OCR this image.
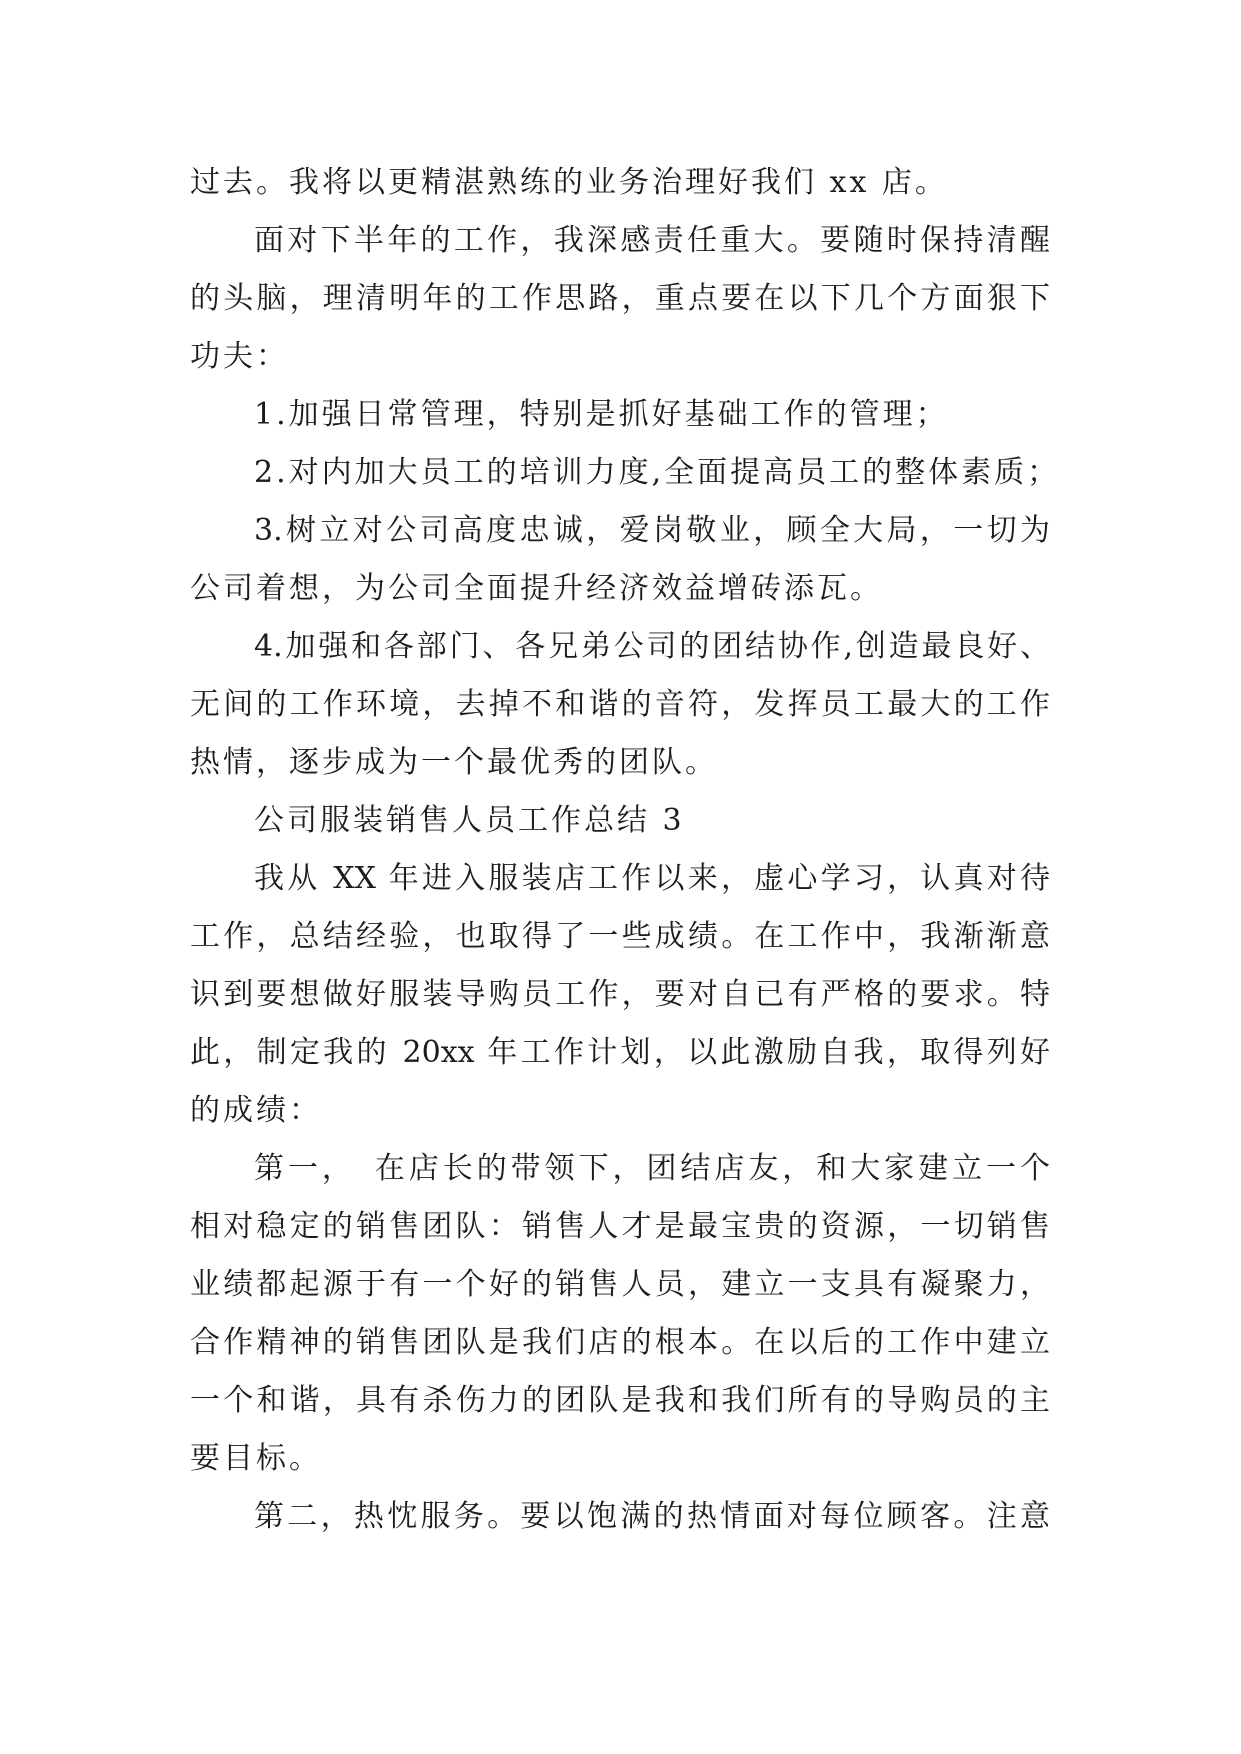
过去。我将以更精湛熟练的业务治理好我们 xx 店。
面对下半年的工作，我深感责任重大。要随时保持清醒
的头脑，理清明年的工作思路，重点要在以下几个方面狠下
功夫：
1.加强日常管理，特别是抓好基础工作的管理；
2.对内加大员工的培训力度,全面提高员工的整体素质；
3.树立对公司高度忠诚，爱岗敬业，顾全大局，一切为
公司着想，为公司全面提升经济效益增砖添瓦。
4.加强和各部门、各兄弟公司的团结协作,创造最良好、
无间的工作环境，去掉不和谐的音符，发挥员工最大的工作
热情，逐步成为一个最优秀的团队。
公司服装销售人员工作总结 3
我从 XX 年进入服装店工作以来，虚心学习，认真对待
工作，总结经验，也取得了一些成绩。在工作中，我渐渐意
识到要想做好服装导购员工作，要对自已有严格的要求。特
此，制定我的 20xx 年工作计划，以此激励自我，取得列好
的成绩：
第一，　在店长的带领下，团结店友，和大家建立一个
相对稳定的销售团队：销售人才是最宝贵的资源，一切销售
业绩都起源于有一个好的销售人员，建立一支具有凝聚力，
合作精神的销售团队是我们店的根本。在以后的工作中建立
一个和谐，具有杀伤力的团队是我和我们所有的导购员的主
要目标。
第二，热忱服务。要以饱满的热情面对每位顾客。注意
